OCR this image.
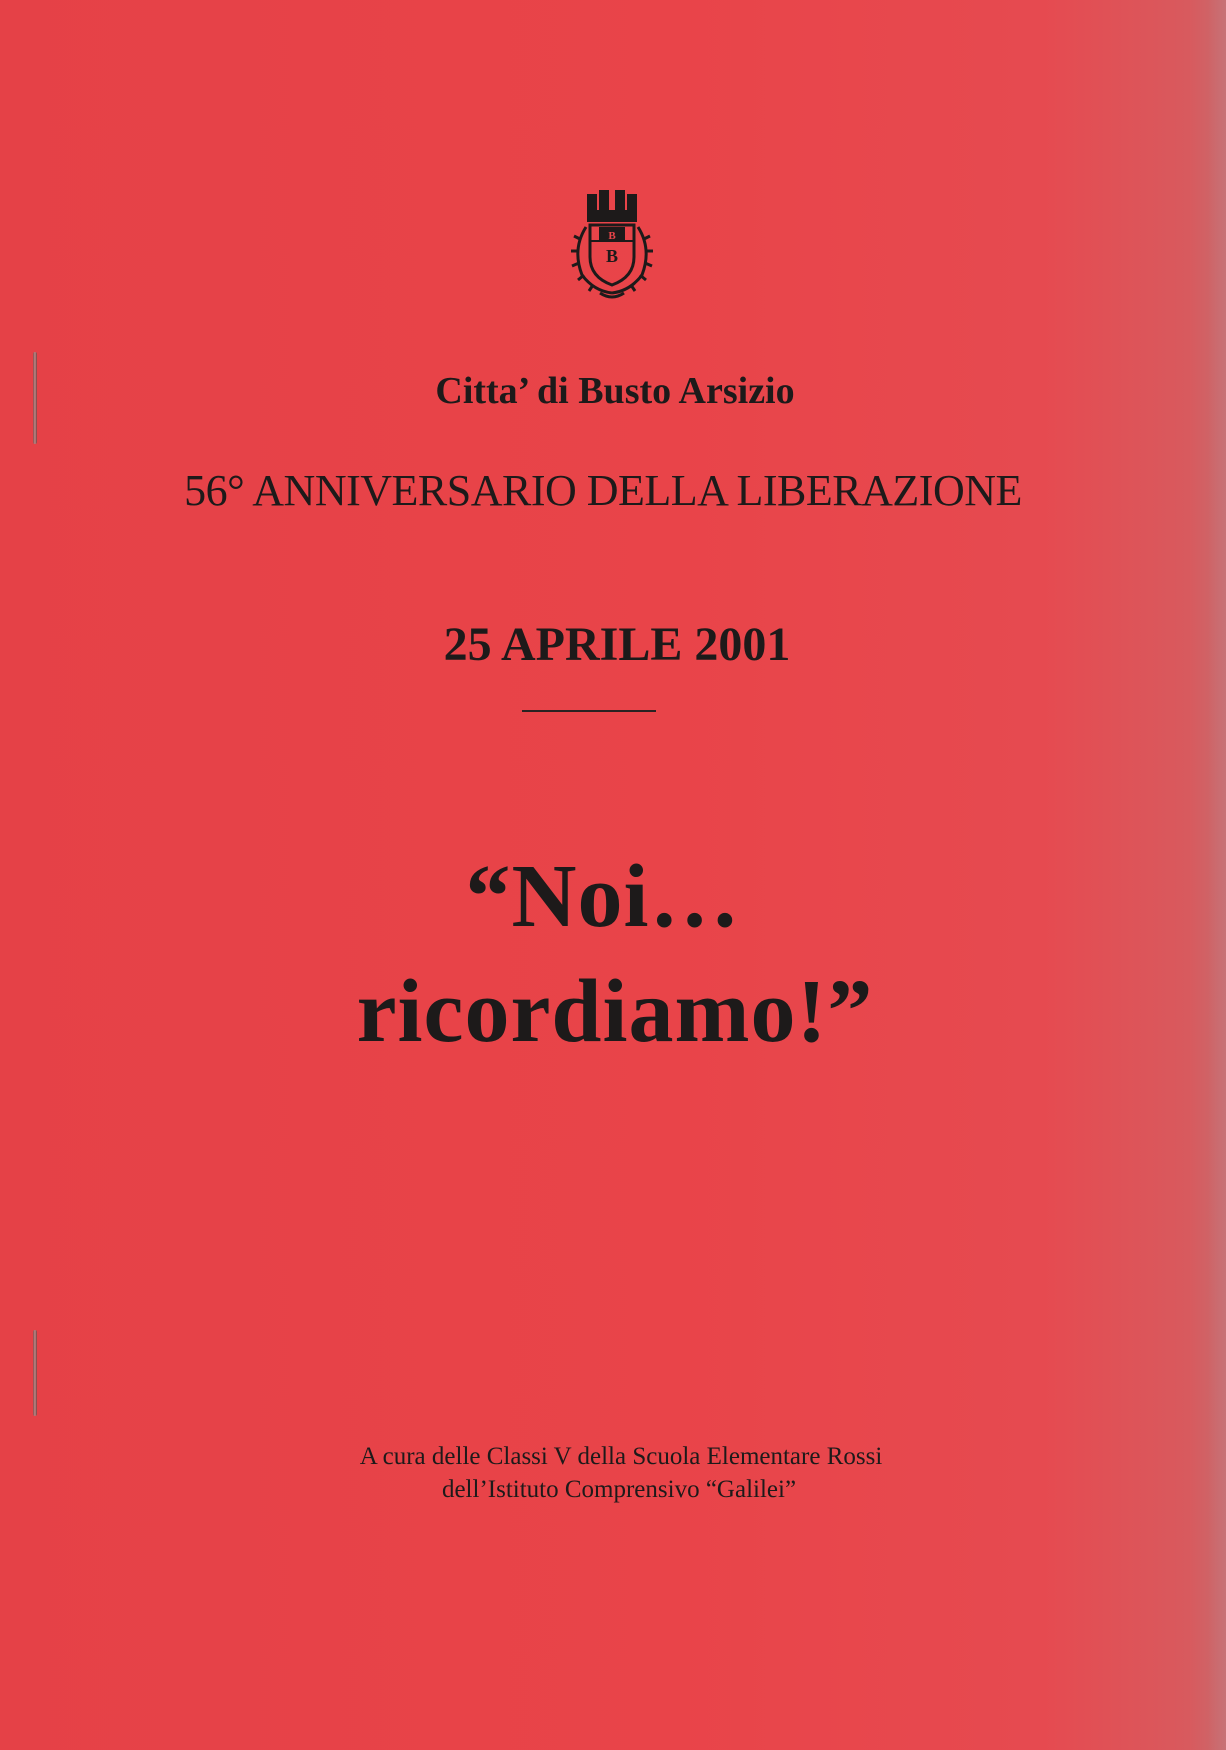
B
B
Citta’ di Busto Arsizio
56° ANNIVERSARIO DELLA LIBERAZIONE
25 APRILE 2001
“Noi…
ricordiamo!”
A cura delle Classi V della Scuola Elementare Rossi
dell’Istituto Comprensivo “Galilei”
